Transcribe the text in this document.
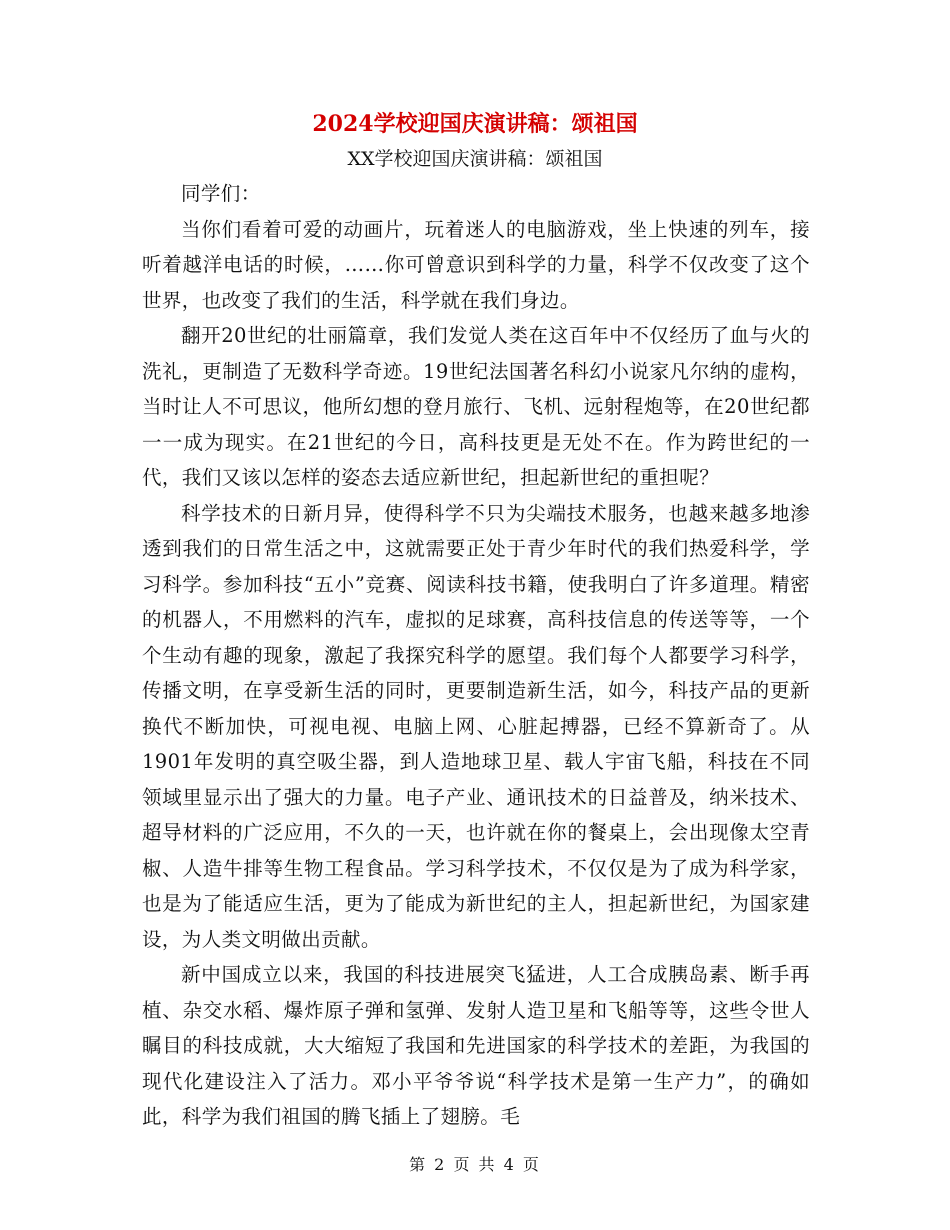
2024学校迎国庆演讲稿：颂祖国
XX学校迎国庆演讲稿：颂祖国

同学们：

当你们看着可爱的动画片，玩着迷人的电脑游戏，坐上快速的列车，接听着越洋电话的时候，……你可曾意识到科学的力量，科学不仅改变了这个世界，也改变了我们的生活，科学就在我们身边。

翻开20世纪的壮丽篇章，我们发觉人类在这百年中不仅经历了血与火的洗礼，更制造了无数科学奇迹。19世纪法国著名科幻小说家凡尔纳的虚构，当时让人不可思议，他所幻想的登月旅行、飞机、远射程炮等，在20世纪都一一成为现实。在21世纪的今日，高科技更是无处不在。作为跨世纪的一代，我们又该以怎样的姿态去适应新世纪，担起新世纪的重担呢？

科学技术的日新月异，使得科学不只为尖端技术服务，也越来越多地渗透到我们的日常生活之中，这就需要正处于青少年时代的我们热爱科学，学习科学。参加科技“五小”竞赛、阅读科技书籍，使我明白了许多道理。精密的机器人，不用燃料的汽车，虚拟的足球赛，高科技信息的传送等等，一个个生动有趣的现象，激起了我探究科学的愿望。我们每个人都要学习科学，传播文明，在享受新生活的同时，更要制造新生活，如今，科技产品的更新换代不断加快，可视电视、电脑上网、心脏起搏器，已经不算新奇了。从1901年发明的真空吸尘器，到人造地球卫星、载人宇宙飞船，科技在不同领域里显示出了强大的力量。电子产业、通讯技术的日益普及，纳米技术、超导材料的广泛应用，不久的一天，也许就在你的餐桌上，会出现像太空青椒、人造牛排等生物工程食品。学习科学技术，不仅仅是为了成为科学家，也是为了能适应生活，更为了能成为新世纪的主人，担起新世纪，为国家建设，为人类文明做出贡献。

新中国成立以来，我国的科技进展突飞猛进，人工合成胰岛素、断手再植、杂交水稻、爆炸原子弹和氢弹、发射人造卫星和飞船等等，这些令世人瞩目的科技成就，大大缩短了我国和先进国家的科学技术的差距，为我国的现代化建设注入了活力。邓小平爷爷说“科学技术是第一生产力”，的确如此，科学为我们祖国的腾飞插上了翅膀。毛

第 2 页 共 4 页
